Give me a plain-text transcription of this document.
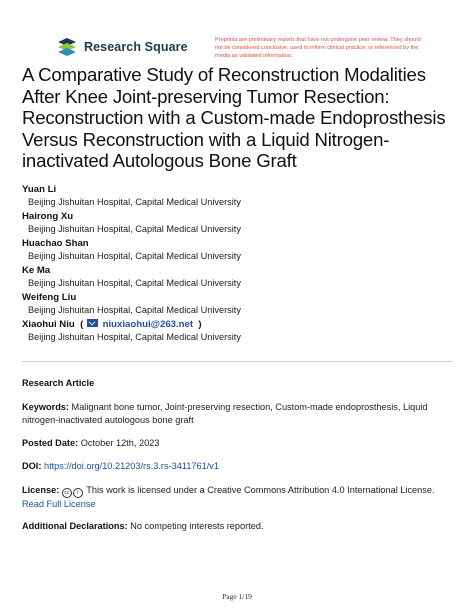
Research Square	Preprints are preliminary reports that have not undergone peer review. They should not be considered conclusive, used to inform clinical practice, or referenced by the media as validated information.
A Comparative Study of Reconstruction Modalities After Knee Joint-preserving Tumor Resection: Reconstruction with a Custom-made Endoprosthesis Versus Reconstruction with a Liquid Nitrogen-inactivated Autologous Bone Graft
Yuan Li
Beijing Jishuitan Hospital, Capital Medical University
Hairong Xu
Beijing Jishuitan Hospital, Capital Medical University
Huachao Shan
Beijing Jishuitan Hospital, Capital Medical University
Ke Ma
Beijing Jishuitan Hospital, Capital Medical University
Weifeng Liu
Beijing Jishuitan Hospital, Capital Medical University
Xiaohui Niu  ( niuxiaohui@263.net  )
Beijing Jishuitan Hospital, Capital Medical University
Research Article
Keywords: Malignant bone tumor, Joint-preserving resection, Custom-made endoprosthesis, Liquid nitrogen-inactivated autologous bone graft
Posted Date: October 12th, 2023
DOI: https://doi.org/10.21203/rs.3.rs-3411761/v1
License: cc i This work is licensed under a Creative Commons Attribution 4.0 International License.
Read Full License
Additional Declarations: No competing interests reported.
Page 1/19
